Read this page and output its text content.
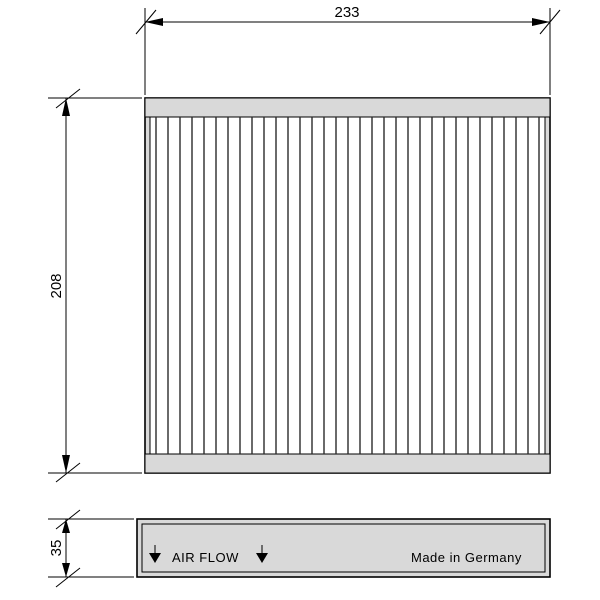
233
208
35
AIR FLOW	Made in Germany
